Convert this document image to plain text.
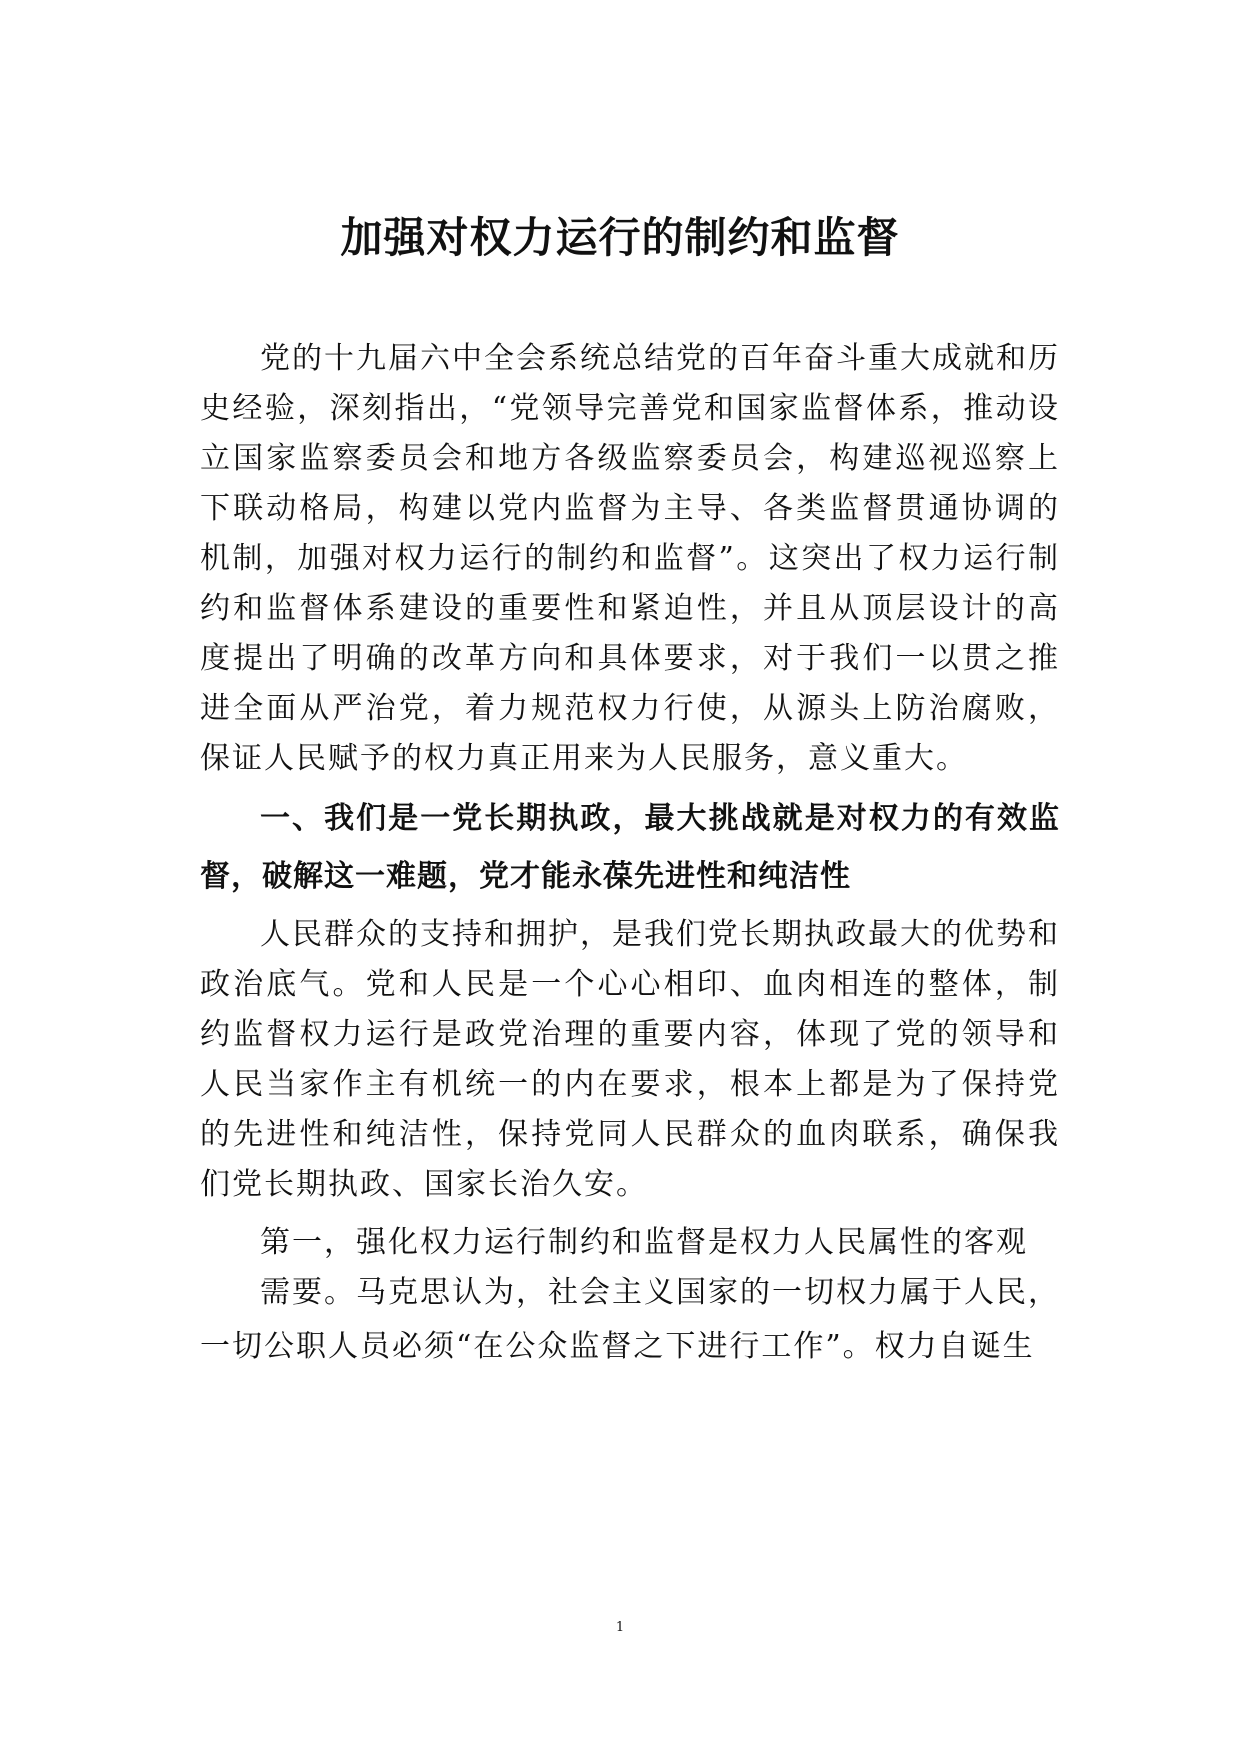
加强对权力运行的制约和监督

党的十九届六中全会系统总结党的百年奋斗重大成就和历史经验，深刻指出，“党领导完善党和国家监督体系，推动设立国家监察委员会和地方各级监察委员会，构建巡视巡察上下联动格局，构建以党内监督为主导、各类监督贯通协调的机制，加强对权力运行的制约和监督”。这突出了权力运行制约和监督体系建设的重要性和紧迫性，并且从顶层设计的高度提出了明确的改革方向和具体要求，对于我们一以贯之推进全面从严治党，着力规范权力行使，从源头上防治腐败，保证人民赋予的权力真正用来为人民服务，意义重大。

一、我们是一党长期执政，最大挑战就是对权力的有效监督，破解这一难题，党才能永葆先进性和纯洁性

人民群众的支持和拥护，是我们党长期执政最大的优势和政治底气。党和人民是一个心心相印、血肉相连的整体，制约监督权力运行是政党治理的重要内容，体现了党的领导和人民当家作主有机统一的内在要求，根本上都是为了保持党的先进性和纯洁性，保持党同人民群众的血肉联系，确保我们党长期执政、国家长治久安。

第一，强化权力运行制约和监督是权力人民属性的客观

需要。马克思认为，社会主义国家的一切权力属于人民，

一切公职人员必须“在公众监督之下进行工作”。权力自诞生

1
